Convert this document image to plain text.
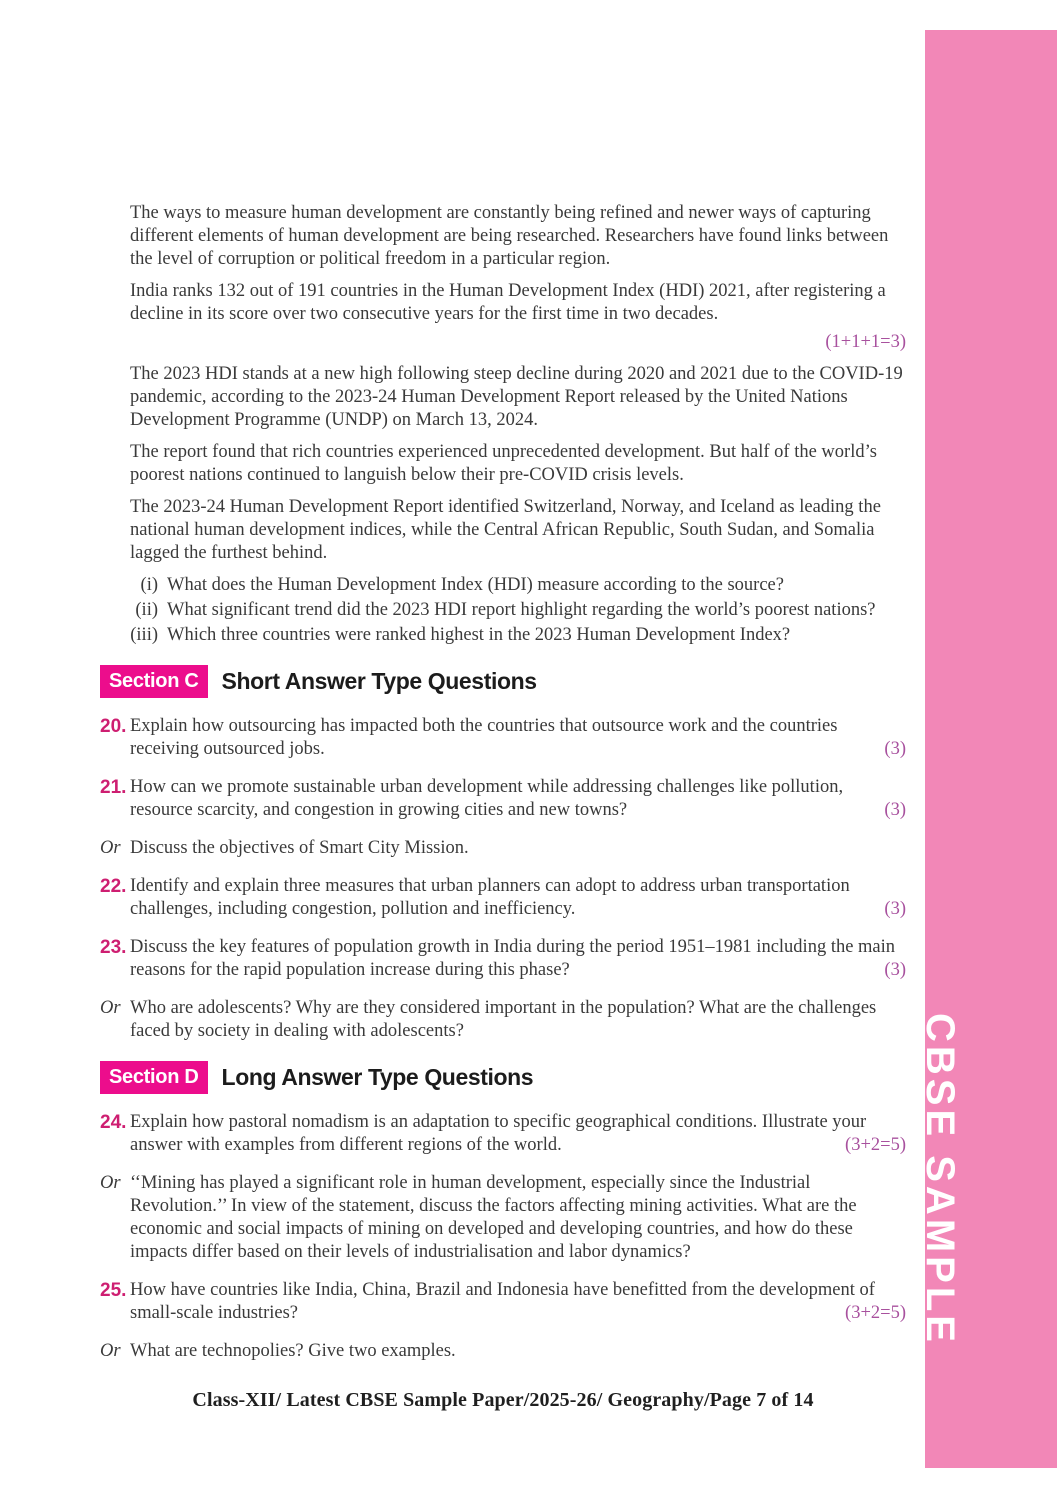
The ways to measure human development are constantly being refined and newer ways of capturing different elements of human development are being researched. Researchers have found links between the level of corruption or political freedom in a particular region.
India ranks 132 out of 191 countries in the Human Development Index (HDI) 2021, after registering a decline in its score over two consecutive years for the first time in two decades.
(1+1+1=3)
The 2023 HDI stands at a new high following steep decline during 2020 and 2021 due to the COVID-19 pandemic, according to the 2023-24 Human Development Report released by the United Nations Development Programme (UNDP) on March 13, 2024.
The report found that rich countries experienced unprecedented development. But half of the world’s poorest nations continued to languish below their pre-COVID crisis levels.
The 2023-24 Human Development Report identified Switzerland, Norway, and Iceland as leading the national human development indices, while the Central African Republic, South Sudan, and Somalia lagged the furthest behind.
(i) What does the Human Development Index (HDI) measure according to the source?
(ii) What significant trend did the 2023 HDI report highlight regarding the world’s poorest nations?
(iii) Which three countries were ranked highest in the 2023 Human Development Index?
Section C	Short Answer Type Questions
20. Explain how outsourcing has impacted both the countries that outsource work and the countries receiving outsourced jobs.	(3)
21. How can we promote sustainable urban development while addressing challenges like pollution, resource scarcity, and congestion in growing cities and new towns?	(3)
Or Discuss the objectives of Smart City Mission.
22. Identify and explain three measures that urban planners can adopt to address urban transportation challenges, including congestion, pollution and inefficiency.	(3)
23. Discuss the key features of population growth in India during the period 1951–1981 including the main reasons for the rapid population increase during this phase?	(3)
Or Who are adolescents? Why are they considered important in the population? What are the challenges faced by society in dealing with adolescents?
Section D	Long Answer Type Questions
24. Explain how pastoral nomadism is an adaptation to specific geographical conditions. Illustrate your answer with examples from different regions of the world.	(3+2=5)
Or ‘‘Mining has played a significant role in human development, especially since the Industrial Revolution.’’ In view of the statement, discuss the factors affecting mining activities. What are the economic and social impacts of mining on developed and developing countries, and how do these impacts differ based on their levels of industrialisation and labor dynamics?
25. How have countries like India, China, Brazil and Indonesia have benefitted from the development of small-scale industries?	(3+2=5)
Or What are technopolies? Give two examples.
Class-XII/ Latest CBSE Sample Paper/2025-26/ Geography/Page 7 of 14
CBSE SAMPLE
